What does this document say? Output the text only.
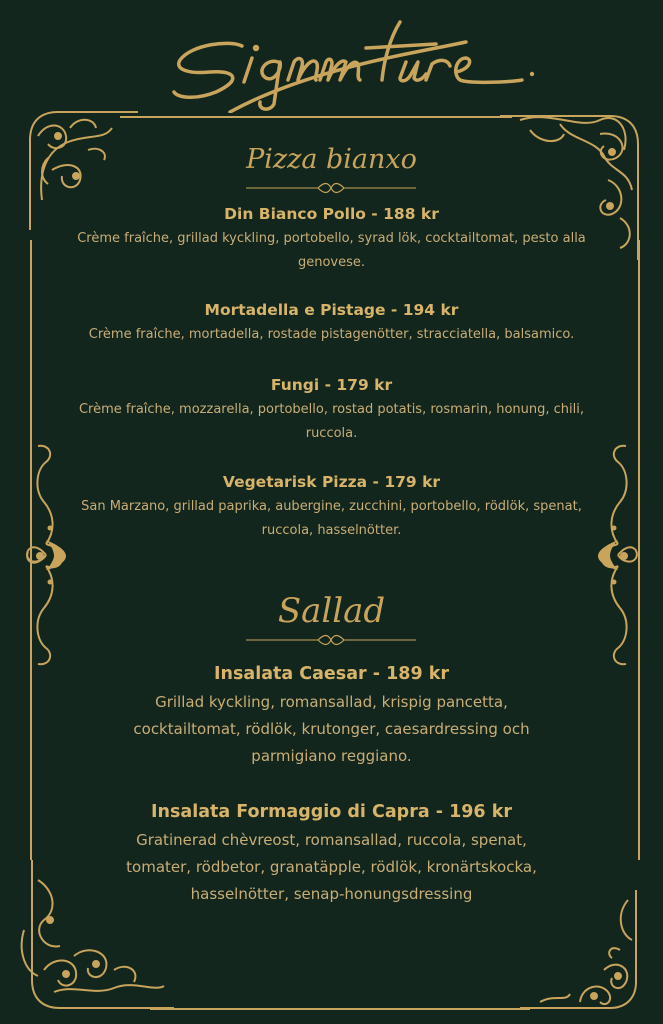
Pizza bianxo
Din Bianco Pollo - 188 kr
Crème fraîche, grillad kyckling, portobello, syrad lök, cocktailtomat, pesto alla genovese.
Mortadella e Pistage - 194 kr
Crème fraîche, mortadella, rostade pistagenötter, stracciatella, balsamico.
Fungi - 179 kr
Crème fraîche, mozzarella, portobello, rostad potatis, rosmarin, honung, chili, ruccola.
Vegetarisk Pizza - 179 kr
San Marzano, grillad paprika, aubergine, zucchini, portobello, rödlök, spenat, ruccola, hasselnötter.
Sallad
Insalata Caesar - 189 kr
Grillad kyckling, romansallad, krispig pancetta, cocktailtomat, rödlök, krutonger, caesardressing och parmigiano reggiano.
Insalata Formaggio di Capra - 196 kr
Gratinerad chèvreost, romansallad, ruccola, spenat, tomater, rödbetor, granatäpple, rödlök, kronärtskocka, hasselnötter, senap-honungsdressing
